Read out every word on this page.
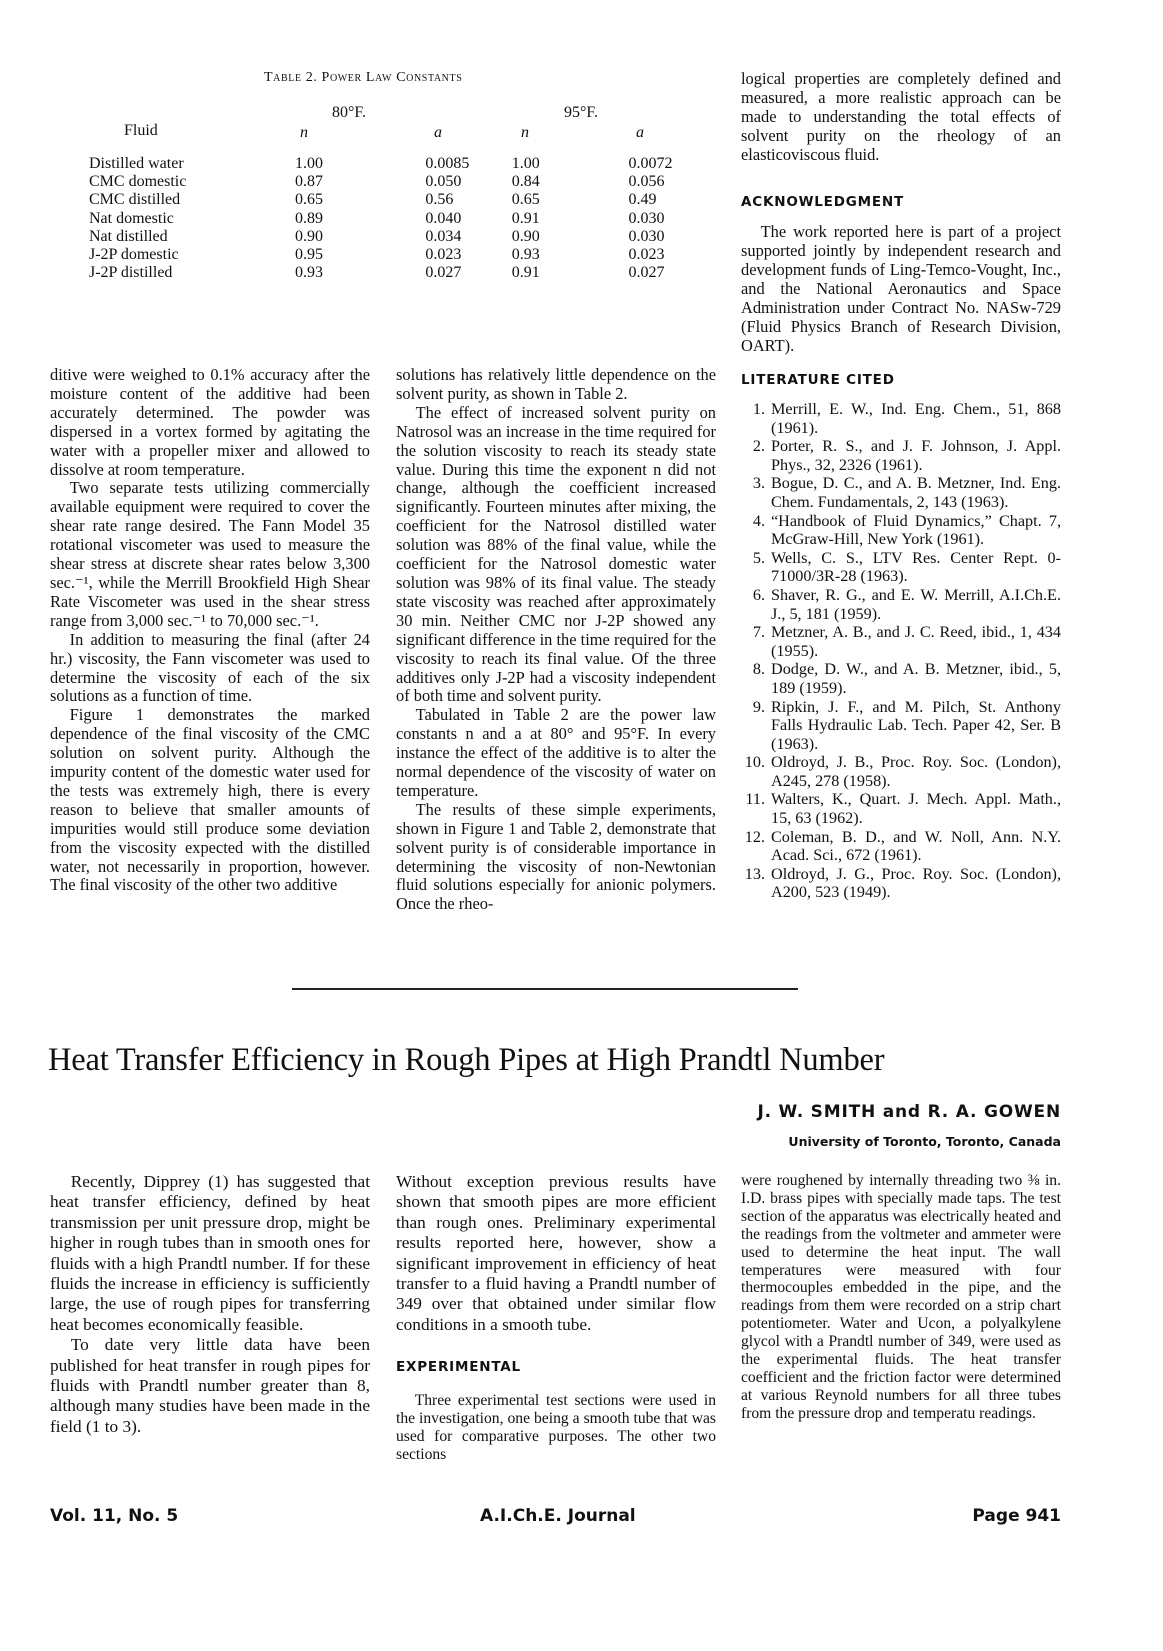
Table 2. Power Law Constants
80°F.	95°F.
Fluid	n	a	n	a
Distilled water	1.00	0.0085	1.00	0.0072
CMC domestic	0.87	0.050	0.84	0.056
CMC distilled	0.65	0.56	0.65	0.49
Nat domestic	0.89	0.040	0.91	0.030
Nat distilled	0.90	0.034	0.90	0.030
J-2P domestic	0.95	0.023	0.93	0.023
J-2P distilled	0.93	0.027	0.91	0.027

logical properties are completely defined and measured, a more realistic approach can be made to understanding the total effects of solvent purity on the rheology of an elasticoviscous fluid.

ACKNOWLEDGMENT

The work reported here is part of a project supported jointly by independent research and development funds of Ling-Temco-Vought, Inc., and the National Aeronautics and Space Administration under Contract No. NASw-729 (Fluid Physics Branch of Research Division, OART).

ditive were weighed to 0.1% accuracy after the moisture content of the additive had been accurately determined. The powder was dispersed in a vortex formed by agitating the water with a propeller mixer and allowed to dissolve at room temperature.

Two separate tests utilizing commercially available equipment were required to cover the shear rate range desired. The Fann Model 35 rotational viscometer was used to measure the shear stress at discrete shear rates below 3,300 sec.⁻¹, while the Merrill Brookfield High Shear Rate Viscometer was used in the shear stress range from 3,000 sec.⁻¹ to 70,000 sec.⁻¹.

In addition to measuring the final (after 24 hr.) viscosity, the Fann viscometer was used to determine the viscosity of each of the six solutions as a function of time.

Figure 1 demonstrates the marked dependence of the final viscosity of the CMC solution on solvent purity. Although the impurity content of the domestic water used for the tests was extremely high, there is every reason to believe that smaller amounts of impurities would still produce some deviation from the viscosity expected with the distilled water, not necessarily in proportion, however. The final viscosity of the other two additive

solutions has relatively little dependence on the solvent purity, as shown in Table 2.

The effect of increased solvent purity on Natrosol was an increase in the time required for the solution viscosity to reach its steady state value. During this time the exponent n did not change, although the coefficient increased significantly. Fourteen minutes after mixing, the coefficient for the Natrosol distilled water solution was 88% of the final value, while the coefficient for the Natrosol domestic water solution was 98% of its final value. The steady state viscosity was reached after approximately 30 min. Neither CMC nor J-2P showed any significant difference in the time required for the viscosity to reach its final value. Of the three additives only J-2P had a viscosity independent of both time and solvent purity.

Tabulated in Table 2 are the power law constants n and a at 80° and 95°F. In every instance the effect of the additive is to alter the normal dependence of the viscosity of water on temperature.

The results of these simple experiments, shown in Figure 1 and Table 2, demonstrate that solvent purity is of considerable importance in determining the viscosity of non-Newtonian fluid solutions especially for anionic polymers. Once the rheo-

LITERATURE CITED
1. Merrill, E. W., Ind. Eng. Chem., 51, 868 (1961).
2. Porter, R. S., and J. F. Johnson, J. Appl. Phys., 32, 2326 (1961).
3. Bogue, D. C., and A. B. Metzner, Ind. Eng. Chem. Fundamentals, 2, 143 (1963).
4. “Handbook of Fluid Dynamics,” Chapt. 7, McGraw-Hill, New York (1961).
5. Wells, C. S., LTV Res. Center Rept. 0-71000/3R-28 (1963).
6. Shaver, R. G., and E. W. Merrill, A.I.Ch.E. J., 5, 181 (1959).
7. Metzner, A. B., and J. C. Reed, ibid., 1, 434 (1955).
8. Dodge, D. W., and A. B. Metzner, ibid., 5, 189 (1959).
9. Ripkin, J. F., and M. Pilch, St. Anthony Falls Hydraulic Lab. Tech. Paper 42, Ser. B (1963).
10. Oldroyd, J. B., Proc. Roy. Soc. (London), A245, 278 (1958).
11. Walters, K., Quart. J. Mech. Appl. Math., 15, 63 (1962).
12. Coleman, B. D., and W. Noll, Ann. N.Y. Acad. Sci., 672 (1961).
13. Oldroyd, J. G., Proc. Roy. Soc. (London), A200, 523 (1949).
Heat Transfer Efficiency in Rough Pipes at High Prandtl Number
J. W. SMITH and R. A. GOWEN
University of Toronto, Toronto, Canada

Recently, Dipprey (1) has suggested that heat transfer efficiency, defined by heat transmission per unit pressure drop, might be higher in rough tubes than in smooth ones for fluids with a high Prandtl number. If for these fluids the increase in efficiency is sufficiently large, the use of rough pipes for transferring heat becomes economically feasible.

To date very little data have been published for heat transfer in rough pipes for fluids with Prandtl number greater than 8, although many studies have been made in the field (1 to 3).

Without exception previous results have shown that smooth pipes are more efficient than rough ones. Preliminary experimental results reported here, however, show a significant improvement in efficiency of heat transfer to a fluid having a Prandtl number of 349 over that obtained under similar flow conditions in a smooth tube.

EXPERIMENTAL

Three experimental test sections were used in the investigation, one being a smooth tube that was used for comparative purposes. The other two sections

were roughened by internally threading two ⅜ in. I.D. brass pipes with specially made taps. The test section of the apparatus was electrically heated and the readings from the voltmeter and ammeter were used to determine the heat input. The wall temperatures were measured with four thermocouples embedded in the pipe, and the readings from them were recorded on a strip chart potentiometer. Water and Ucon, a polyalkylene glycol with a Prandtl number of 349, were used as the experimental fluids. The heat transfer coefficient and the friction factor were determined at various Reynold numbers for all three tubes from the pressure drop and temperatu readings.

Vol. 11, No. 5	A.I.Ch.E. Journal	Page 941
